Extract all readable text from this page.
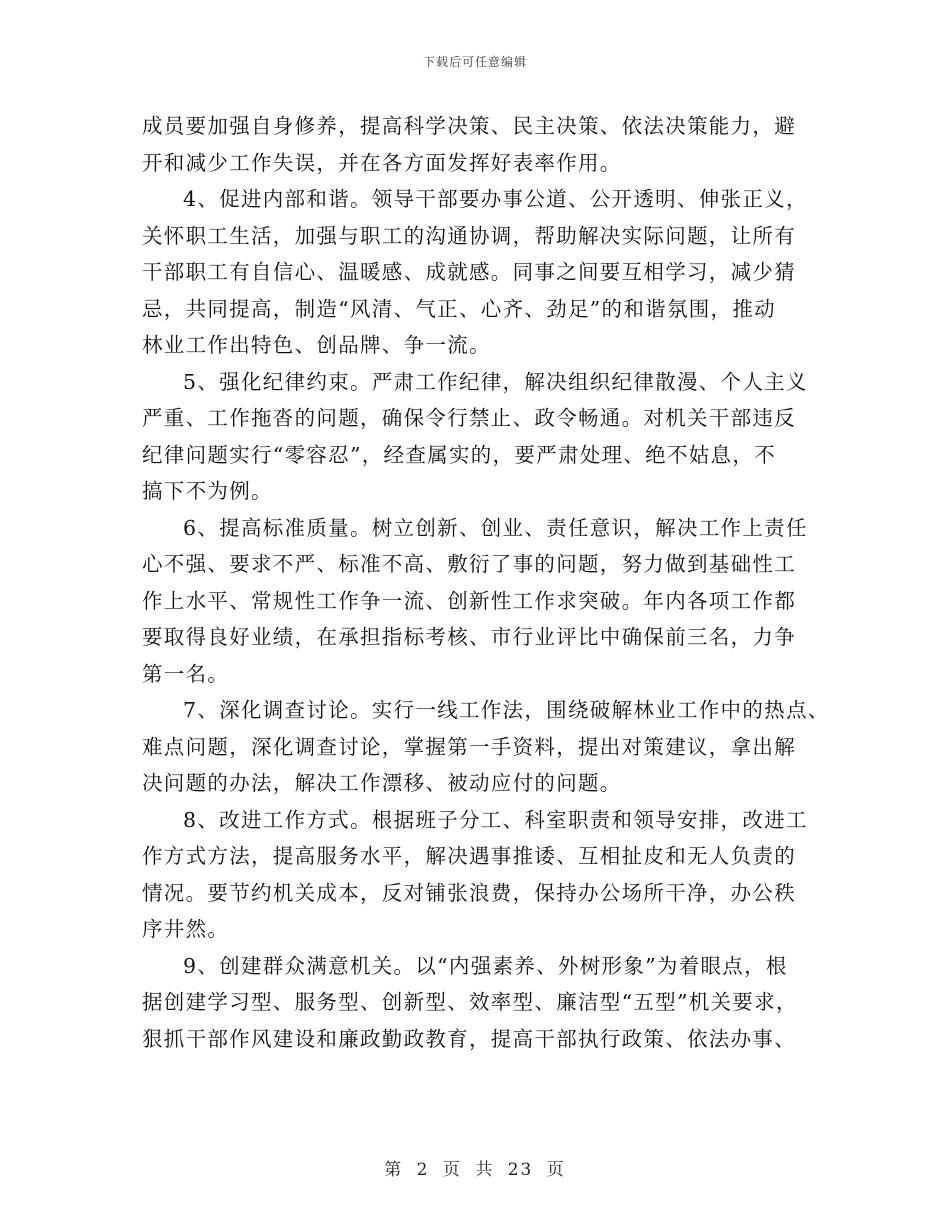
下载后可任意编辑
成员要加强自身修养，提高科学决策、民主决策、依法决策能力，避
开和减少工作失误，并在各方面发挥好表率作用。
4、促进内部和谐。领导干部要办事公道、公开透明、伸张正义，
关怀职工生活，加强与职工的沟通协调，帮助解决实际问题，让所有
干部职工有自信心、温暖感、成就感。同事之间要互相学习，减少猜
忌，共同提高，制造“风清、气正、心齐、劲足”的和谐氛围，推动
林业工作出特色、创品牌、争一流。
5、强化纪律约束。严肃工作纪律，解决组织纪律散漫、个人主义
严重、工作拖沓的问题，确保令行禁止、政令畅通。对机关干部违反
纪律问题实行“零容忍”，经查属实的，要严肃处理、绝不姑息，不
搞下不为例。
6、提高标准质量。树立创新、创业、责任意识，解决工作上责任
心不强、要求不严、标准不高、敷衍了事的问题，努力做到基础性工
作上水平、常规性工作争一流、创新性工作求突破。年内各项工作都
要取得良好业绩，在承担指标考核、市行业评比中确保前三名，力争
第一名。
7、深化调查讨论。实行一线工作法，围绕破解林业工作中的热点、
难点问题，深化调查讨论，掌握第一手资料，提出对策建议，拿出解
决问题的办法，解决工作漂移、被动应付的问题。
8、改进工作方式。根据班子分工、科室职责和领导安排，改进工
作方式方法，提高服务水平，解决遇事推诿、互相扯皮和无人负责的
情况。要节约机关成本，反对铺张浪费，保持办公场所干净，办公秩
序井然。
9、创建群众满意机关。以“内强素养、外树形象”为着眼点，根
据创建学习型、服务型、创新型、效率型、廉洁型“五型”机关要求，
狠抓干部作风建设和廉政勤政教育，提高干部执行政策、依法办事、
第 2 页 共 23 页
